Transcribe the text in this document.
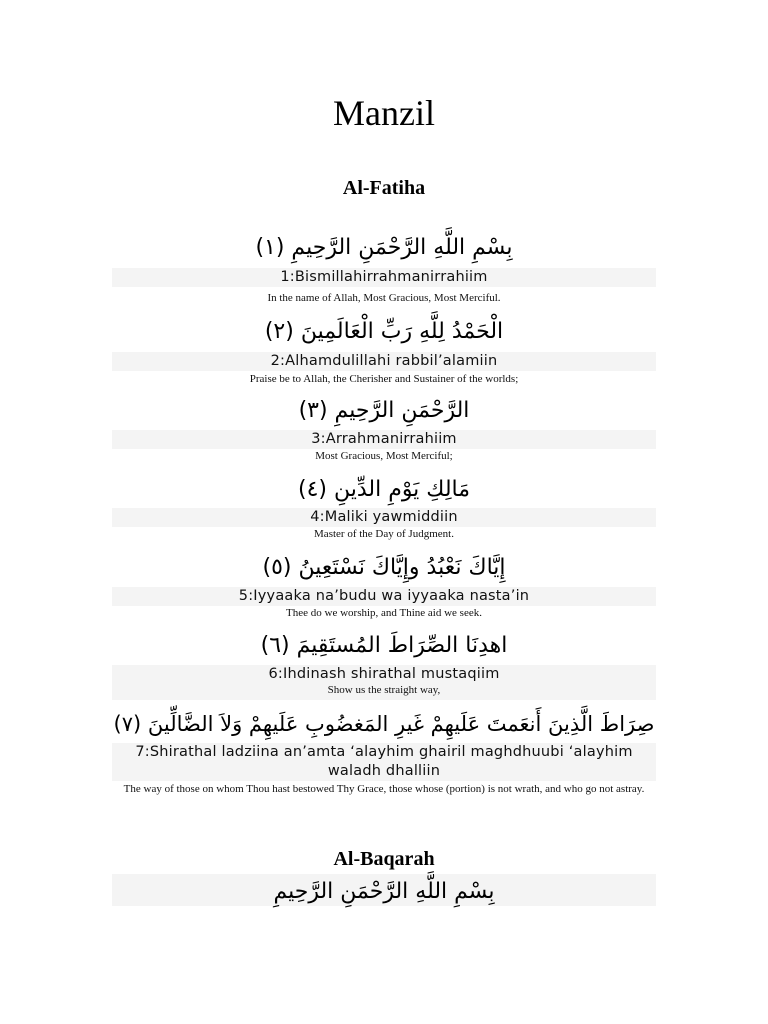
Manzil
Al-Fatiha
بِسْمِ اللَّهِ الرَّحْمَنِ الرَّحِيمِ (١)
1:Bismillahirrahmanirrahiim
In the name of Allah, Most Gracious, Most Merciful.
الْحَمْدُ لِلَّهِ رَبِّ الْعَالَمِينَ (٢)
2:Alhamdulillahi rabbil’alamiin
Praise be to Allah, the Cherisher and Sustainer of the worlds;
الرَّحْمَنِ الرَّحِيمِ (٣)
3:Arrahmanirrahiim
Most Gracious, Most Merciful;
مَالِكِ يَوْمِ الدِّينِ (٤)
4:Maliki yawmiddiin
Master of the Day of Judgment.
إِيَّاكَ نَعْبُدُ وإِيَّاكَ نَسْتَعِينُ (٥)
5:Iyyaaka na’budu wa iyyaaka nasta’in
Thee do we worship, and Thine aid we seek.
اهدِنَا الصِّرَاطَ المُستَقِيمَ (٦)
6:Ihdinash shirathal mustaqiim
Show us the straight way,
صِرَاطَ الَّذِينَ أَنعَمتَ عَلَيهِمْ غَيرِ المَغضُوبِ عَلَيهِمْ وَلاَ الضَّالِّينَ (٧)
7:Shirathal ladziina an’amta ‘alayhim ghairil maghdhuubi ‘alayhim waladh dhalliin
The way of those on whom Thou hast bestowed Thy Grace, those whose (portion) is not wrath, and who go not astray.
Al-Baqarah
بِسْمِ اللَّهِ الرَّحْمَنِ الرَّحِيمِ
